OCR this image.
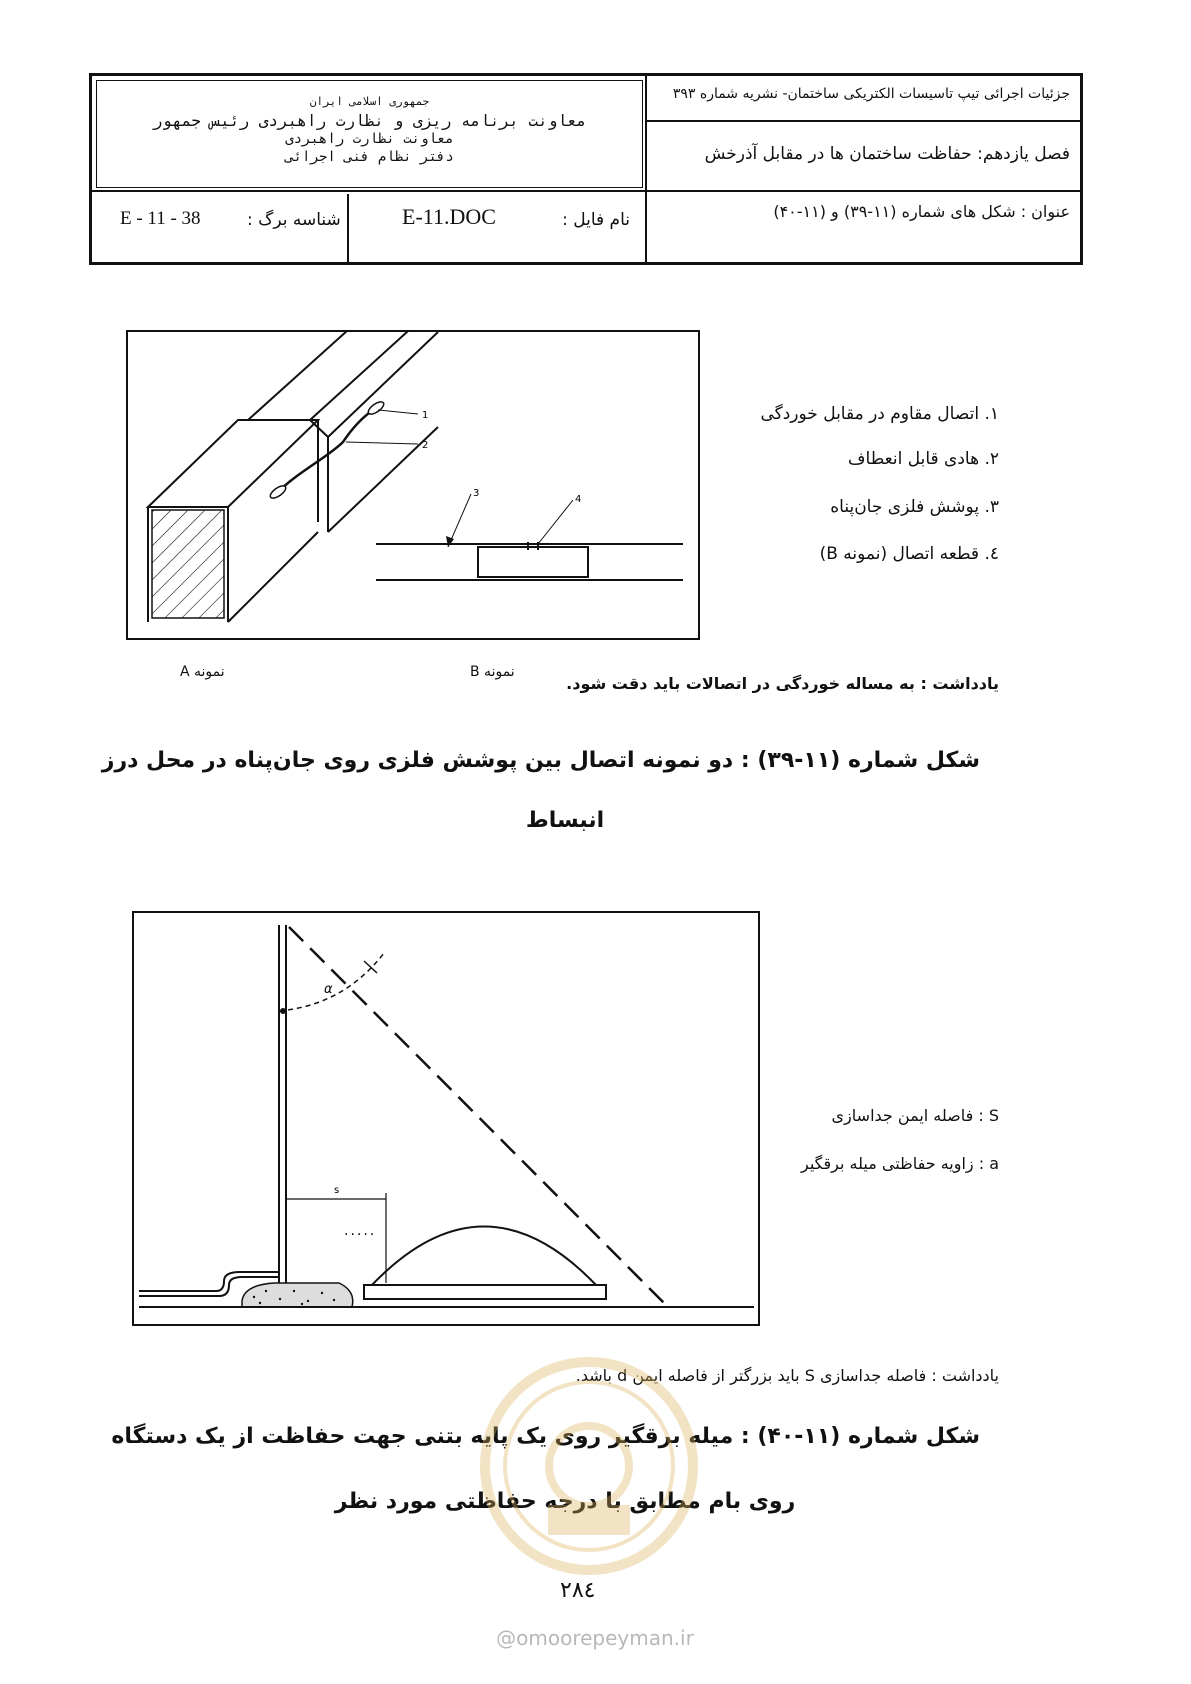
جمهوری اسلامی ایران
معاونت برنامه ریزی و نظارت راهبردی رئیس جمهور
معاونت نظارت راهبردی
دفتر نظام فنی اجرائی
جزئیات اجرائی تیپ تاسیسات الکتریکی ساختمان- نشریه شماره ۳۹۳
فصل یازدهم: حفاظت ساختمان ها در مقابل آذرخش
عنوان : شکل های شماره (۱۱-۳۹) و (۱۱-۴۰)
نام فایل :
E-11.DOC
شناسه برگ :
E - 11 - 38
1
2
3
4
۱. اتصال مقاوم در مقابل خوردگی
۲. هادی قابل انعطاف
۳. پوشش فلزی جان‌پناه
٤. قطعه اتصال (نمونه B)
نمونه A	نمونه B
یادداشت : به مساله خوردگی در اتصالات باید دقت شود.
شکل شماره (۱۱-۳۹) : دو نمونه اتصال بین پوشش فلزی روی جان‌پناه در محل درز
انبساط
α
s
.....
S : فاصله ایمن جداسازی
a : زاویه حفاظتی میله برقگیر
یادداشت : فاصله جداسازی S باید بزرگتر از فاصله ایمن d باشد.
شکل شماره (۱۱-۴۰) : میله برقگیر روی یک پایه بتنی جهت حفاظت از یک دستگاه
روی بام مطابق با درجه حفاظتی مورد نظر
۲۸٤
@omoorepeyman.ir
